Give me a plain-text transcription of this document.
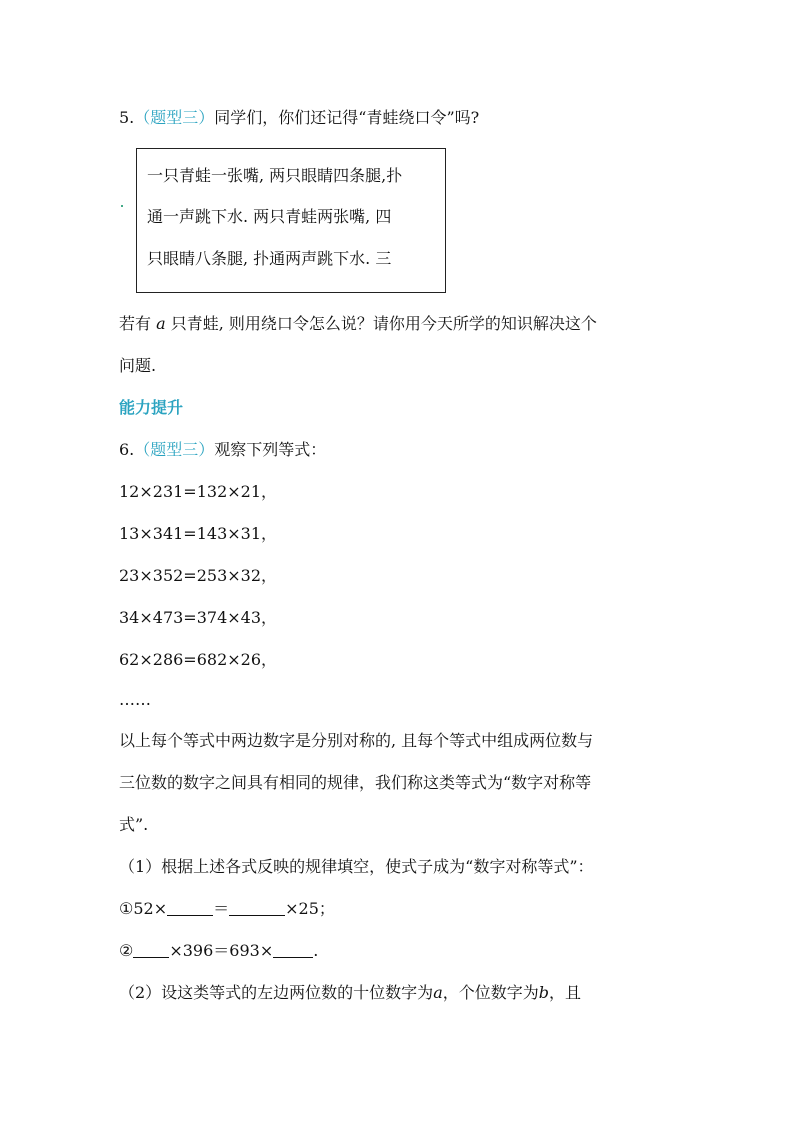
5.（题型三）同学们，你们还记得“青蛙绕口令”吗?
一只青蛙一张嘴, 两只眼睛四条腿,扑
通一声跳下水. 两只青蛙两张嘴, 四
只眼睛八条腿, 扑通两声跳下水. 三
若有 a 只青蛙, 则用绕口令怎么说？请你用今天所学的知识解决这个
问题.
能力提升
6.（题型三）观察下列等式：
12×231=132×21，
13×341=143×31，
23×352=253×32，
34×473=374×43，
62×286=682×26，
……
以上每个等式中两边数字是分别对称的, 且每个等式中组成两位数与
三位数的数字之间具有相同的规律，我们称这类等式为“数字对称等
式”.
（1）根据上述各式反映的规律填空，使式子成为“数字对称等式”：
①52×	＝	×25；
② ×396＝693×	.
（2）设这类等式的左边两位数的十位数字为a，个位数字为b，且
